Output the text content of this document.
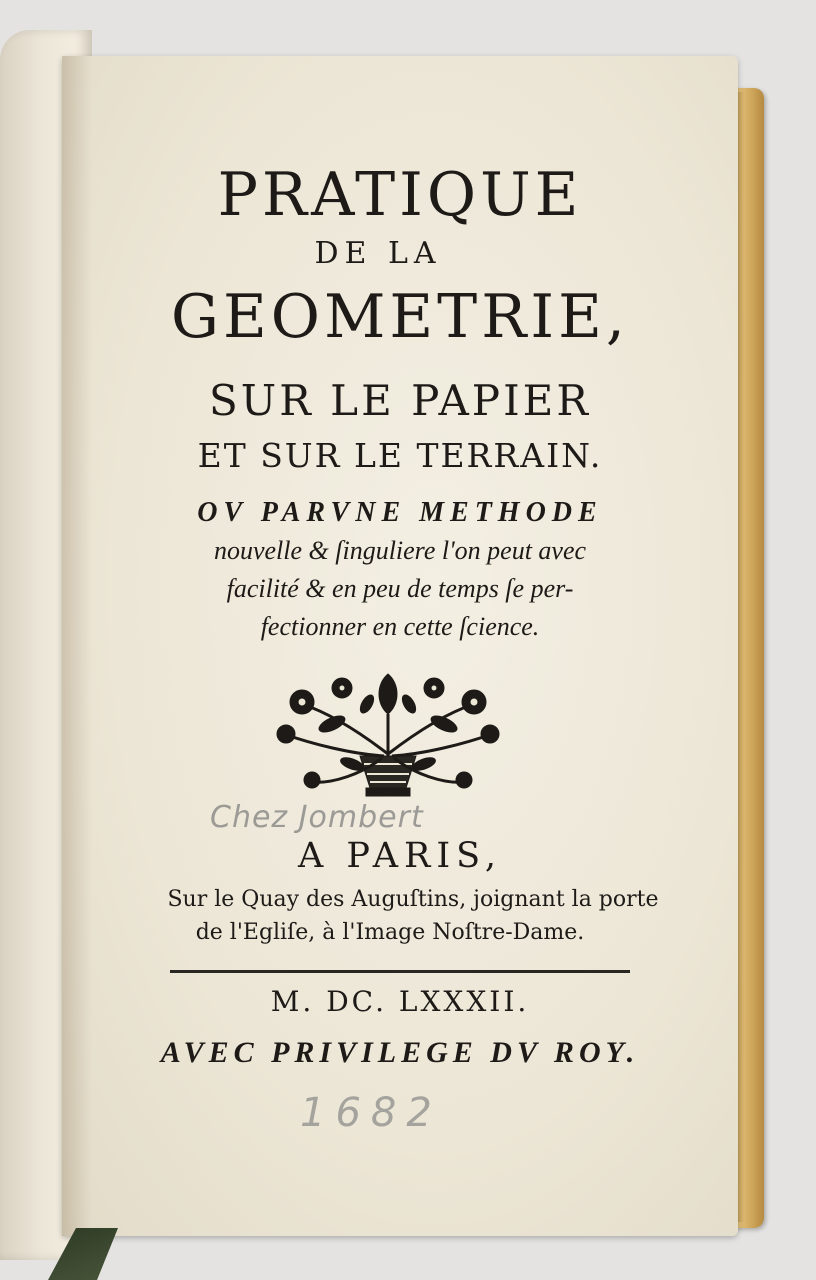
PRATIQUE
DE LA
GEOMETRIE,
SUR LE PAPIER
ET SUR LE TERRAIN.
OV PARVNE METHODE
nouvelle & ſinguliere l'on peut avec
facilité & en peu de temps ſe per-
fectionner en cette ſcience.
Chez Jombert
A PARIS,
Sur le Quay des Auguſtins, joignant la porte
de l'Egliſe, à l'Image Noſtre-Dame.
M. DC. LXXXII.
AVEC PRIVILEGE DV ROY.
1682
